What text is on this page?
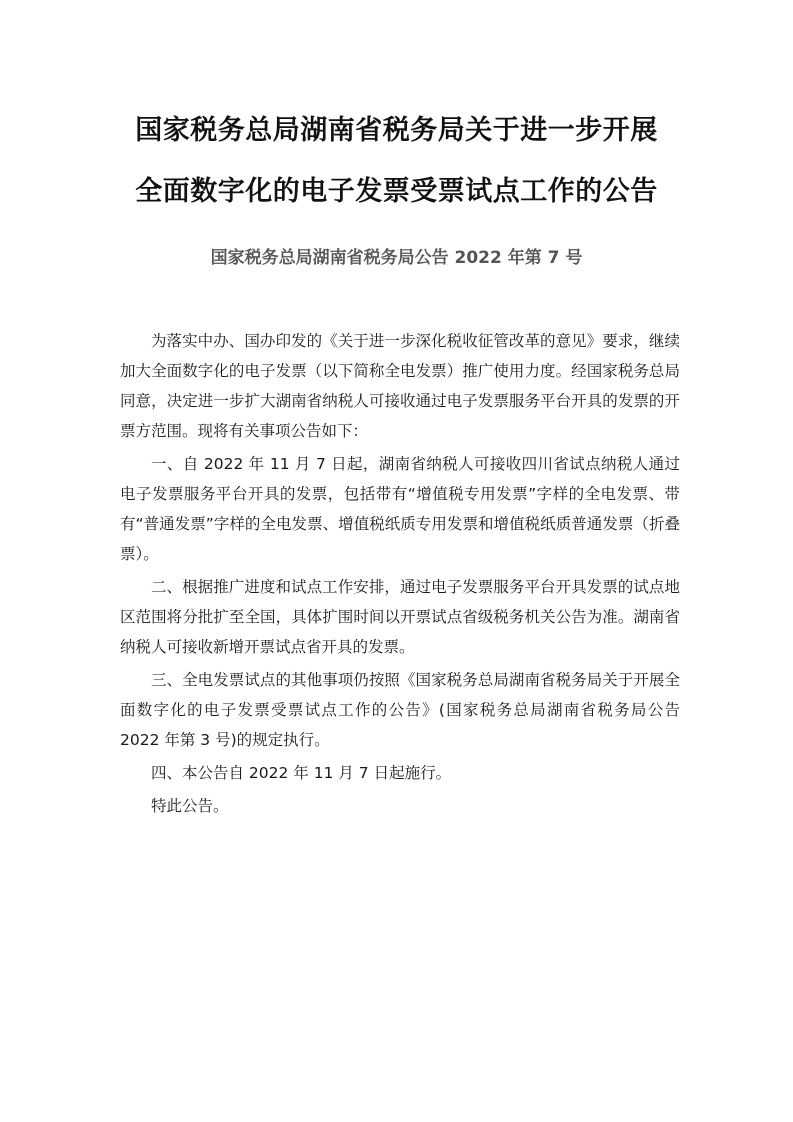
国家税务总局湖南省税务局关于进一步开展
全面数字化的电子发票受票试点工作的公告
国家税务总局湖南省税务局公告 2022 年第 7 号

为落实中办、国办印发的《关于进一步深化税收征管改革的意见》要求，继续加大全面数字化的电子发票（以下简称全电发票）推广使用力度。经国家税务总局同意，决定进一步扩大湖南省纳税人可接收通过电子发票服务平台开具的发票的开票方范围。现将有关事项公告如下：

一、自 2022 年 11 月 7 日起，湖南省纳税人可接收四川省试点纳税人通过电子发票服务平台开具的发票，包括带有“增值税专用发票”字样的全电发票、带有“普通发票”字样的全电发票、增值税纸质专用发票和增值税纸质普通发票（折叠票）。

二、根据推广进度和试点工作安排，通过电子发票服务平台开具发票的试点地区范围将分批扩至全国，具体扩围时间以开票试点省级税务机关公告为准。湖南省纳税人可接收新增开票试点省开具的发票。

三、全电发票试点的其他事项仍按照《国家税务总局湖南省税务局关于开展全面数字化的电子发票受票试点工作的公告》(国家税务总局湖南省税务局公告 2022 年第 3 号)的规定执行。

四、本公告自 2022 年 11 月 7 日起施行。

特此公告。
